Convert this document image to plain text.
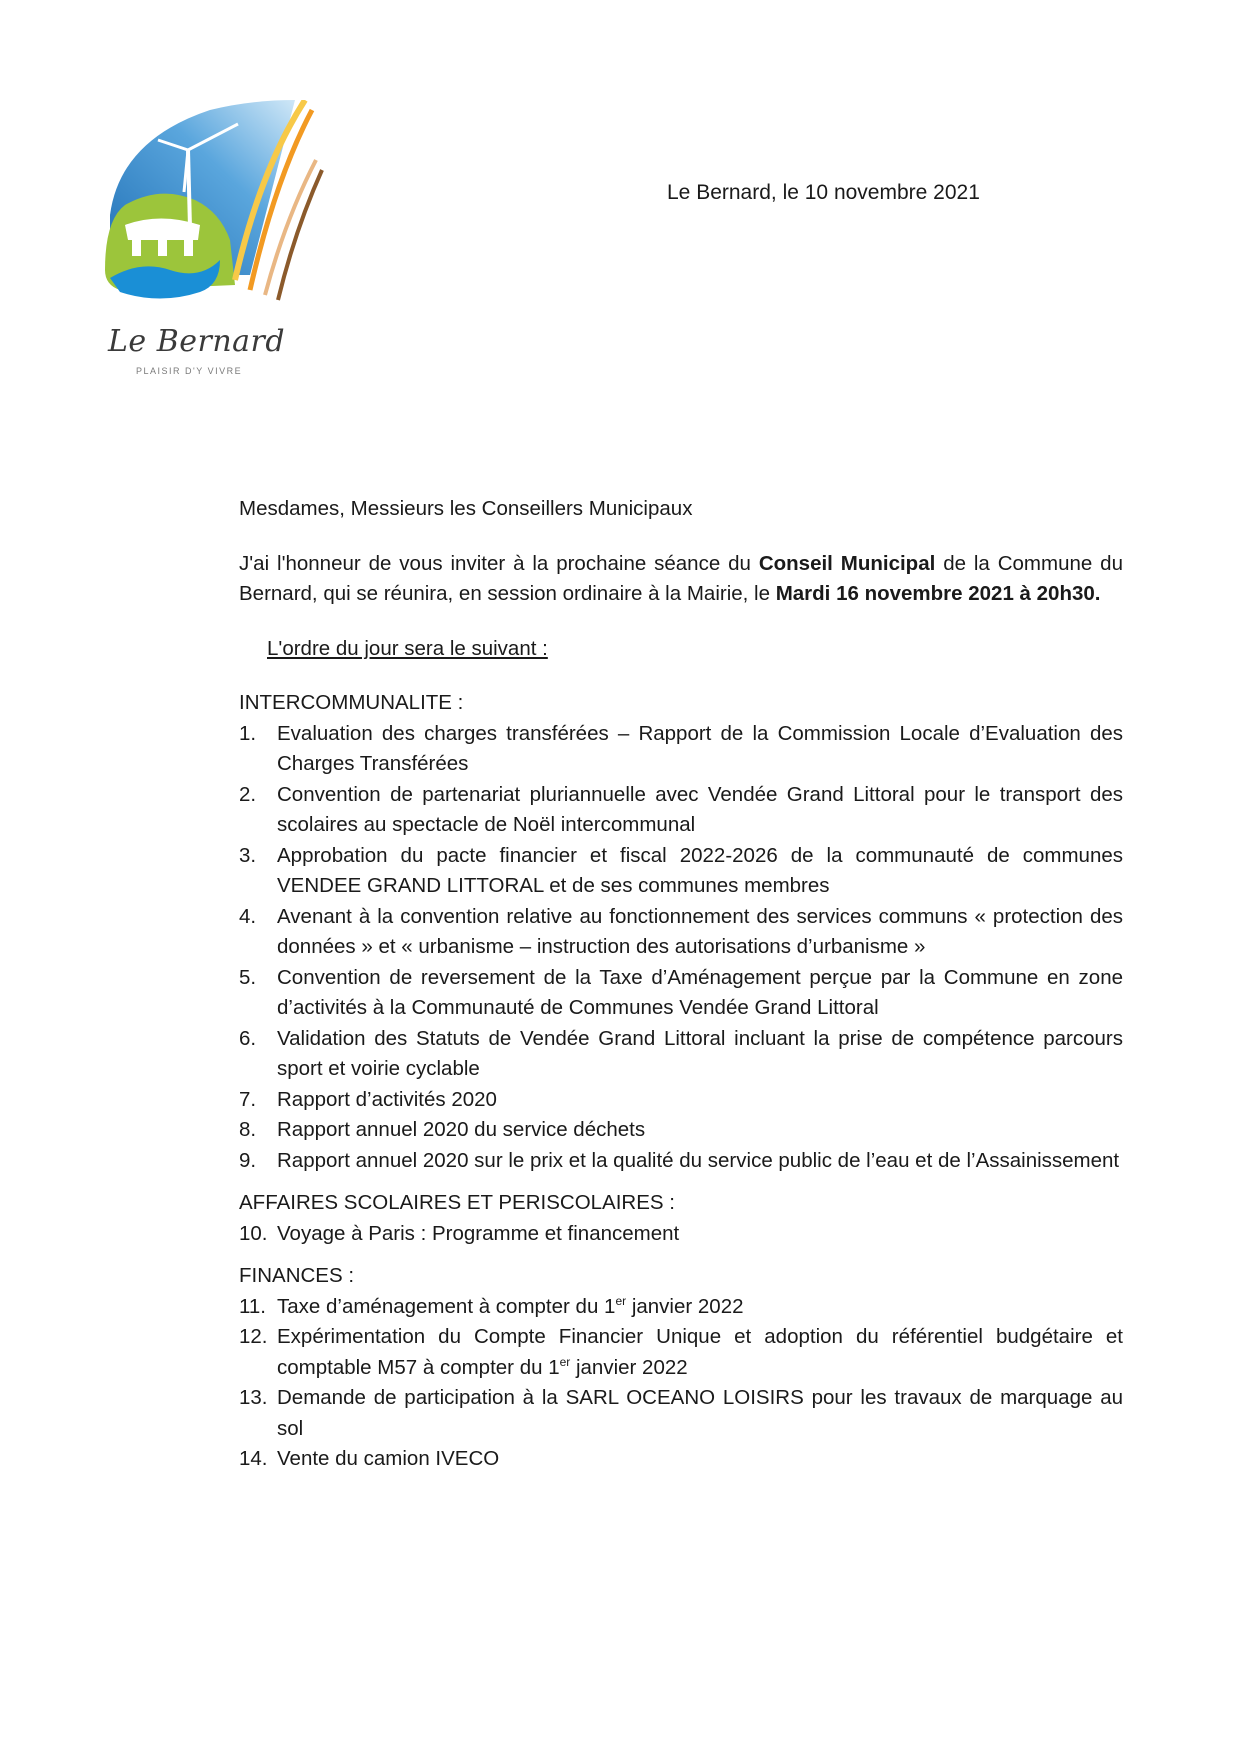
Le Bernard
PLAISIR D'Y VIVRE
Le Bernard, le 10 novembre 2021

Mesdames, Messieurs les Conseillers Municipaux

J'ai l'honneur de vous inviter à la prochaine séance du Conseil Municipal de la Commune du Bernard, qui se réunira, en session ordinaire à la Mairie, le Mardi 16 novembre 2021 à 20h30.

L'ordre du jour sera le suivant :

INTERCOMMUNALITE :

1.	Evaluation des charges transférées – Rapport de la Commission Locale d’Evaluation des Charges Transférées
2.	Convention de partenariat pluriannuelle avec Vendée Grand Littoral pour le transport des scolaires au spectacle de Noël intercommunal
3.	Approbation du pacte financier et fiscal 2022-2026 de la communauté de communes VENDEE GRAND LITTORAL et de ses communes membres
4.	Avenant à la convention relative au fonctionnement des services communs « protection des données » et « urbanisme – instruction des autorisations d’urbanisme »
5.	Convention de reversement de la Taxe d’Aménagement perçue par la Commune en zone d’activités à la Communauté de Communes Vendée Grand Littoral
6.	Validation des Statuts de Vendée Grand Littoral incluant la prise de compétence parcours sport et voirie cyclable
7.	Rapport d’activités 2020
8.	Rapport annuel 2020 du service déchets
9.	Rapport annuel 2020 sur le prix et la qualité du service public de l’eau et de l’Assainissement

AFFAIRES SCOLAIRES ET PERISCOLAIRES :

10. Voyage à Paris : Programme et financement

FINANCES :

11. Taxe d’aménagement à compter du 1er janvier 2022
12. Expérimentation du Compte Financier Unique et adoption du référentiel budgétaire et comptable M57 à compter du 1er janvier 2022
13. Demande de participation à la SARL OCEANO LOISIRS pour les travaux de marquage au sol
14. Vente du camion IVECO
